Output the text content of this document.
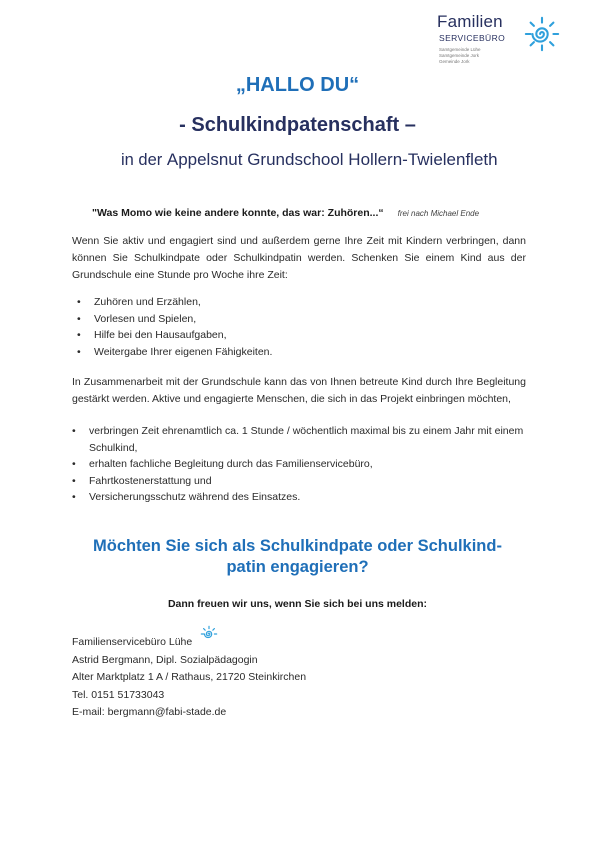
Familien
SERVICEBÜRO
Samtgemeinde Lühe
Samtgemeinde Jork
Gemeinde Jork
„HALLO DU“
- Schulkindpatenschaft –
in der Appelsnut Grundschool Hollern-Twielenfleth
"Was Momo wie keine andere konnte, das war: Zuhören...“ frei nach Michael Ende
Wenn Sie aktiv und engagiert sind und außerdem gerne Ihre Zeit mit Kindern verbringen, dann können Sie Schulkindpate oder Schulkindpatin werden. Schenken Sie einem Kind aus der Grundschule eine Stunde pro Woche ihre Zeit:
• Zuhören und Erzählen,
• Vorlesen und Spielen,
• Hilfe bei den Hausaufgaben,
• Weitergabe Ihrer eigenen Fähigkeiten.
In Zusammenarbeit mit der Grundschule kann das von Ihnen betreute Kind durch Ihre Begleitung gestärkt werden. Aktive und engagierte Menschen, die sich in das Projekt einbringen möchten,
• verbringen Zeit ehrenamtlich ca. 1 Stunde / wöchentlich maximal bis zu einem Jahr mit einem Schulkind,
• erhalten fachliche Begleitung durch das Familienservicebüro,
• Fahrtkostenerstattung und
• Versicherungsschutz während des Einsatzes.
Möchten Sie sich als Schulkindpate oder Schulkind-
patin engagieren?
Dann freuen wir uns, wenn Sie sich bei uns melden:
Familienservicebüro Lühe
Astrid Bergmann, Dipl. Sozialpädagogin
Alter Marktplatz 1 A / Rathaus, 21720 Steinkirchen
Tel. 0151 51733043
E-mail: bergmann@fabi-stade.de
